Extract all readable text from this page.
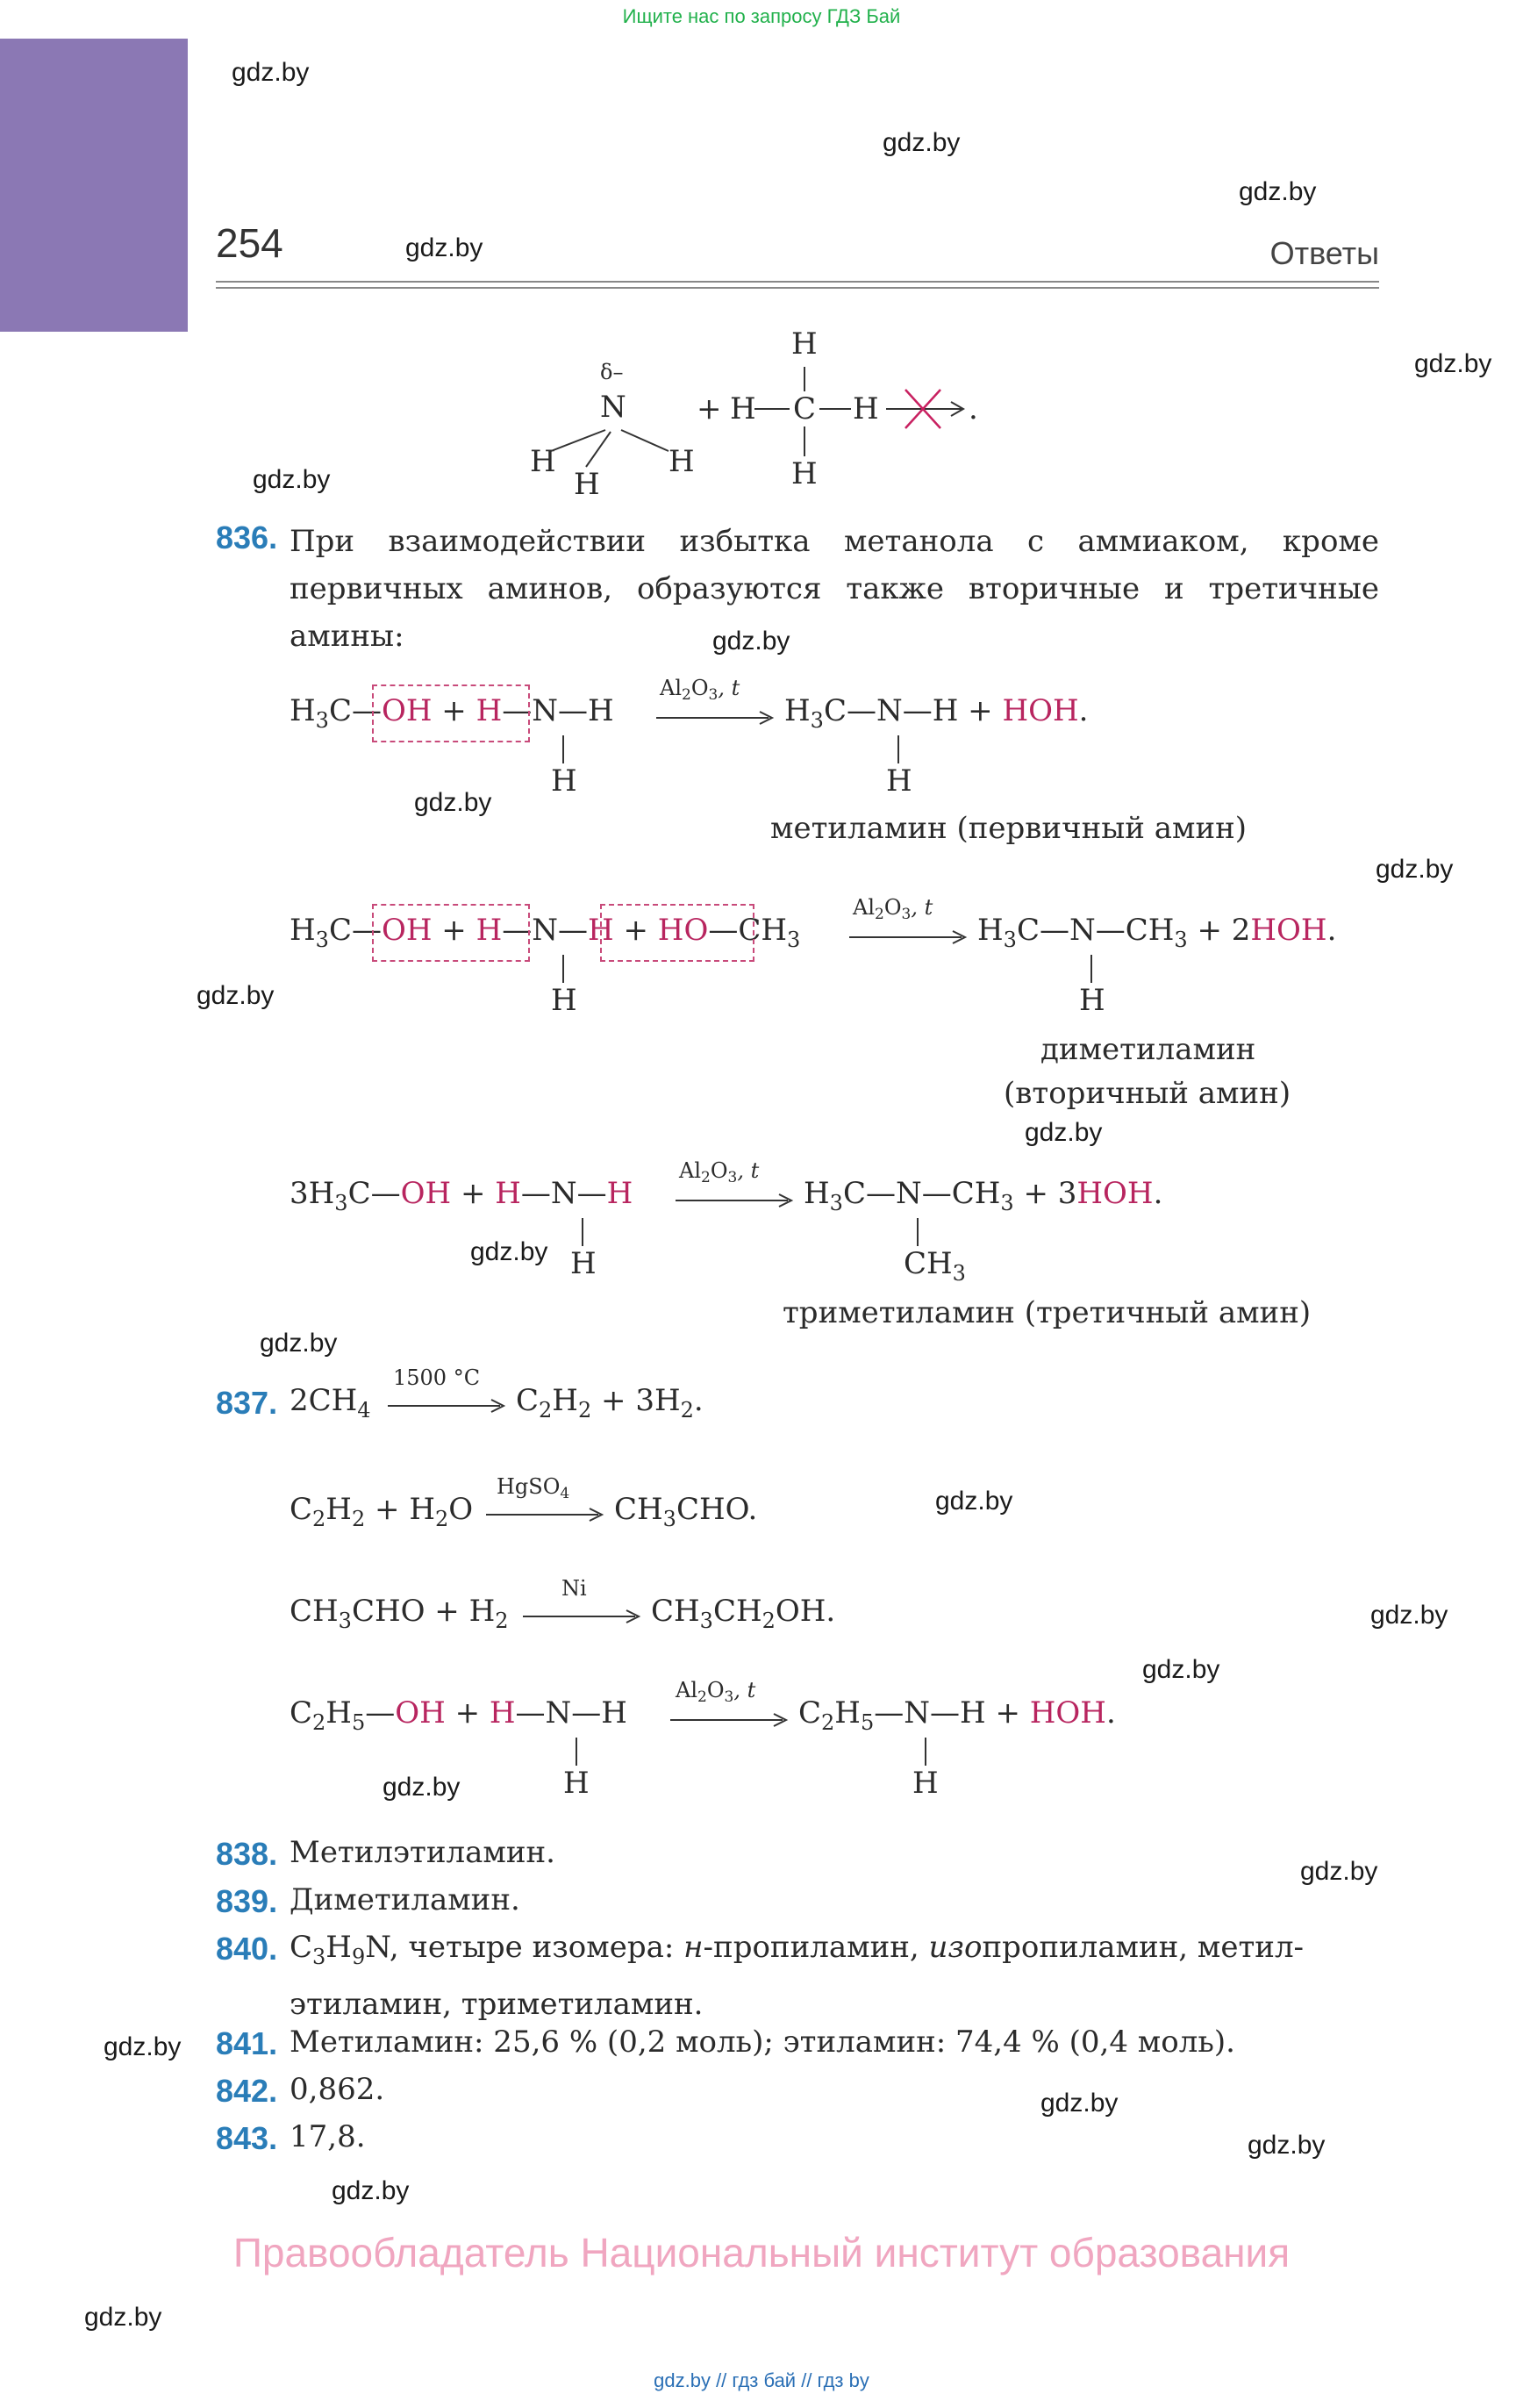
Ищите нас по запросу ГДЗ Бай
gdz.by
gdz.by
gdz.by
gdz.by
gdz.by
gdz.by
gdz.by
gdz.by
gdz.by
gdz.by
gdz.by
gdz.by
gdz.by
gdz.by
gdz.by
gdz.by
gdz.by
gdz.by
gdz.by
gdz.by
gdz.by
gdz.by
gdz.by
254	Ответы
δ–
N
H
H
H
+
H
H C H
H
.
836. При взаимодействии избытка метанола с аммиаком, кроме первичных аминов, образуются также вторичные и третичные амины:
$H_3C—OH$ + H—N—H
H
$Al_2O_3$, t
$H_3C—N—H$ + HOH.
H
метиламин (первичный амин)
$H_3C—OH$ + H—N—H + $HO—CH_3$
H
$Al_2O_3$, t
$H_3C—N—CH_3 + 2HOH$.
H
диметиламин
(вторичный амин)
$3H_3C—OH$ + H—N—H
H
$Al_2O_3$, t
$H_3C—N—CH_3 + 3HOH$.
$CH_3$
триметиламин (третичный амин)
837. $2CH_4$
1500 °C
$C_2H_2 + 3H_2$.
$C_2H_2 + H_2O$
HgSO$_4$ $CH_3CHO$.
$CH_3CHO + H_2$
Ni
$CH_3CH_2OH$.
$C_2H_5—OH$ + H—N—H
H
$Al_2O_3$, t
$C_2H_5—N—H$ + HOH.
H
838. Метилэтиламин.
839. Диметиламин.
840. $C_3H_9N$, четыре изомера: н-пропиламин, изопропиламин, метил-
этиламин, триметиламин.
841. Метиламин: 25,6 % (0,2 моль); этиламин: 74,4 % (0,4 моль).
842. 0,862.
843. 17,8.
Правообладатель Национальный институт образования
gdz.by // гдз бай // гдз by
